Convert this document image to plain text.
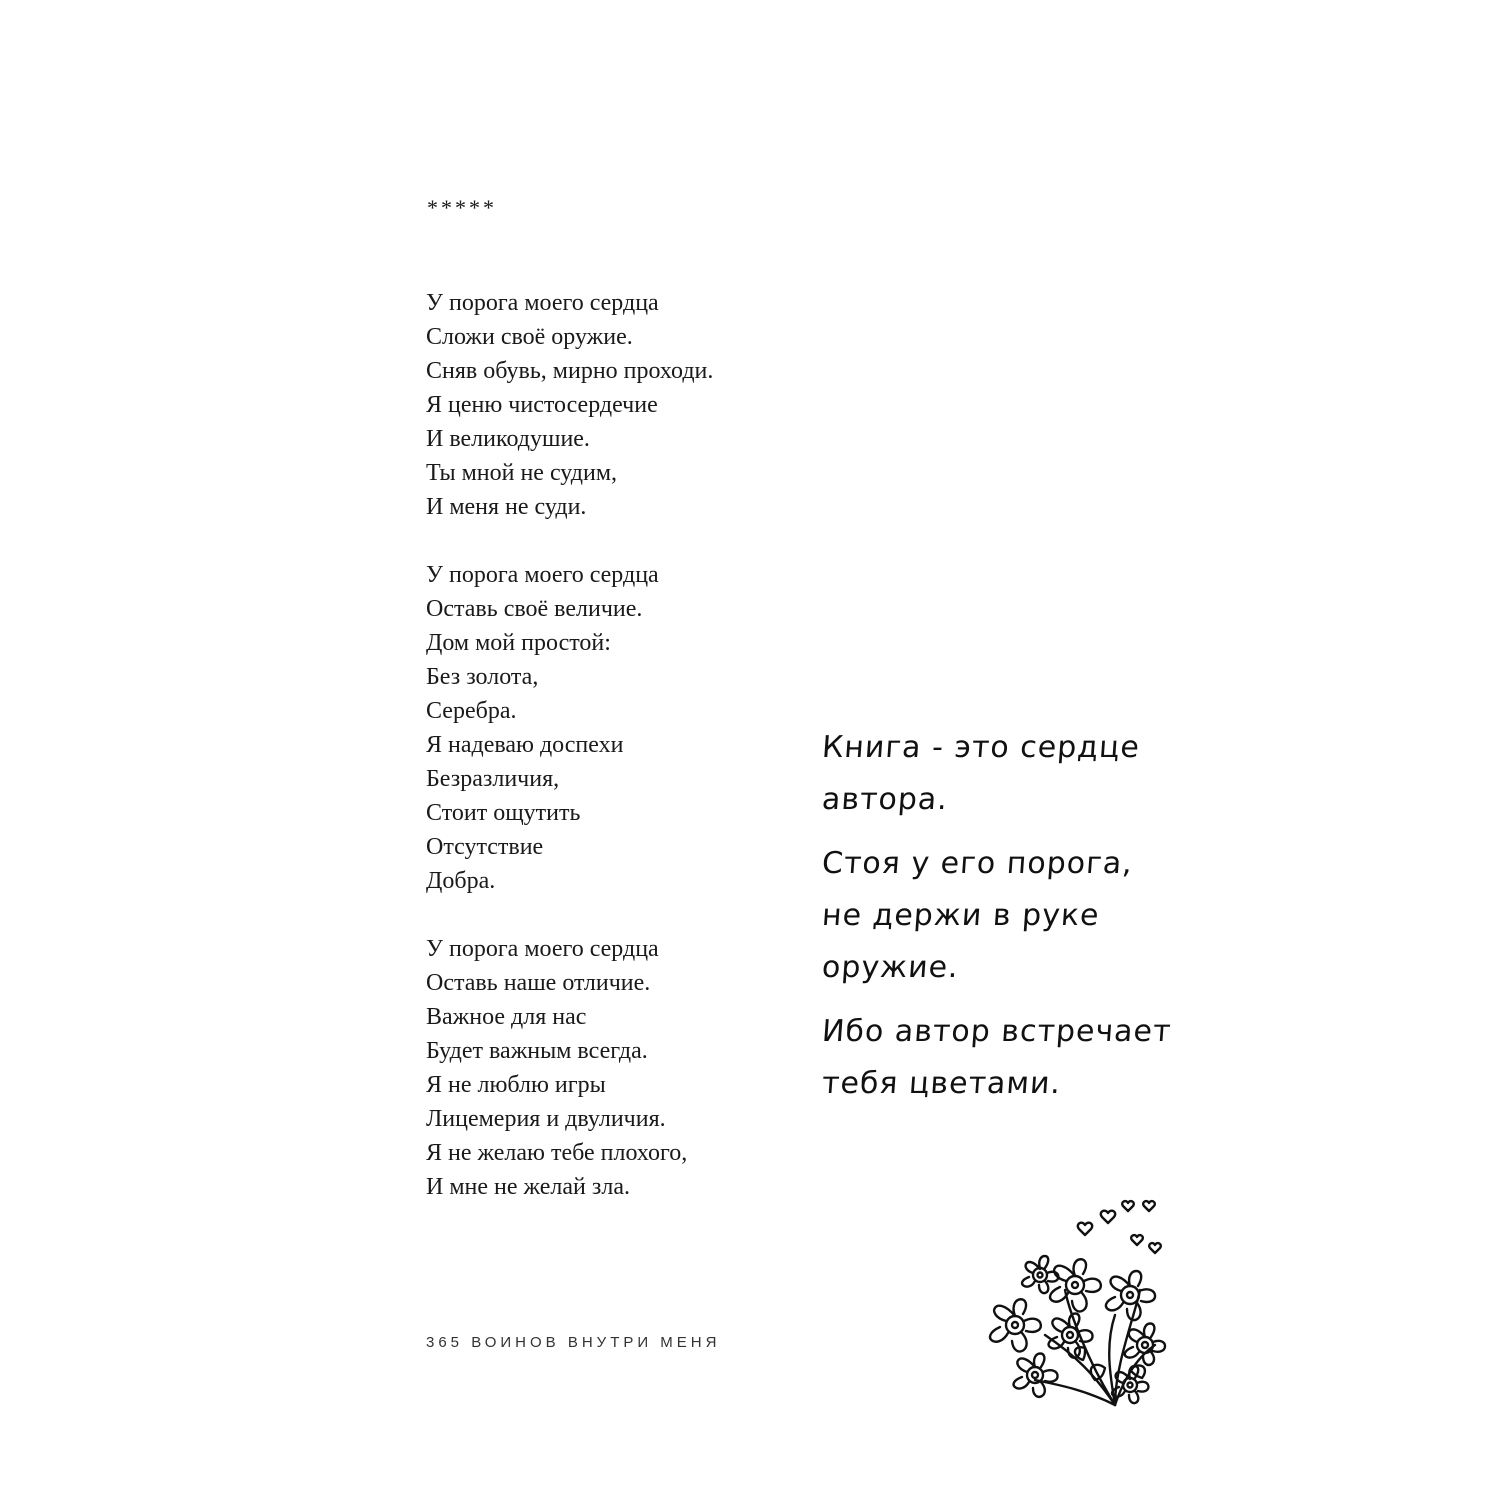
*****
У порога моего сердца
Сложи своё оружие.
Сняв обувь, мирно проходи.
Я ценю чистосердечие
И великодушие.
Ты мной не судим,
И меня не суди.
У порога моего сердца
Оставь своё величие.
Дом мой простой:
Без золота,
Серебра.
Я надеваю доспехи
Безразличия,
Стоит ощутить
Отсутствие
Добра.
У порога моего сердца
Оставь наше отличие.
Важное для нас
Будет важным всегда.
Я не люблю игры
Лицемерия и двуличия.
Я не желаю тебе плохого,
И мне не желай зла.
Книга - это сердце
автора.
Стоя у его порога,
не держи в руке
оружие.
Ибо автор встречает
тебя цветами.
365 ВОИНОВ ВНУТРИ МЕНЯ
